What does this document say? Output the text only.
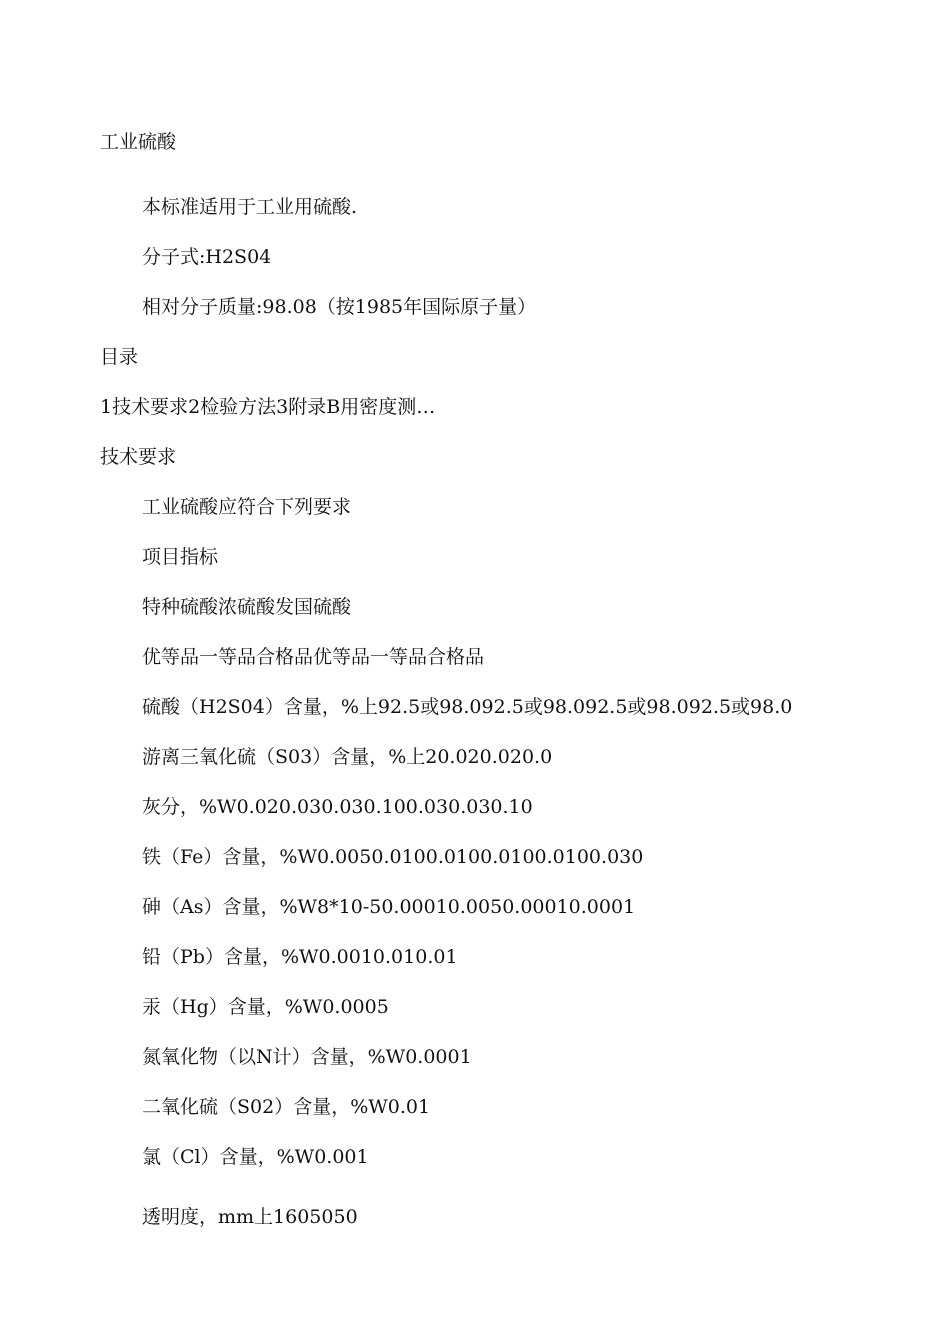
工业硫酸
本标准适用于工业用硫酸.
分子式:H2S04
相对分子质量:98.08（按1985年国际原子量）
目录
1技术要求2检验方法3附录B用密度测…
技术要求
工业硫酸应符合下列要求
项目指标
特种硫酸浓硫酸发国硫酸
优等品一等品合格品优等品一等品合格品
硫酸（H2S04）含量，%上92.5或98.092.5或98.092.5或98.092.5或98.0
游离三氧化硫（S03）含量，%上20.020.020.0
灰分，%W0.020.030.030.100.030.030.10
铁（Fe）含量，%W0.0050.0100.0100.0100.0100.030
砷（As）含量，%W8*10-50.00010.0050.00010.0001
铅（Pb）含量，%W0.0010.010.01
汞（Hg）含量，%W0.0005
氮氧化物（以N计）含量，%W0.0001
二氧化硫（S02）含量，%W0.01
氯（Cl）含量，%W0.001
透明度，mm上1605050
